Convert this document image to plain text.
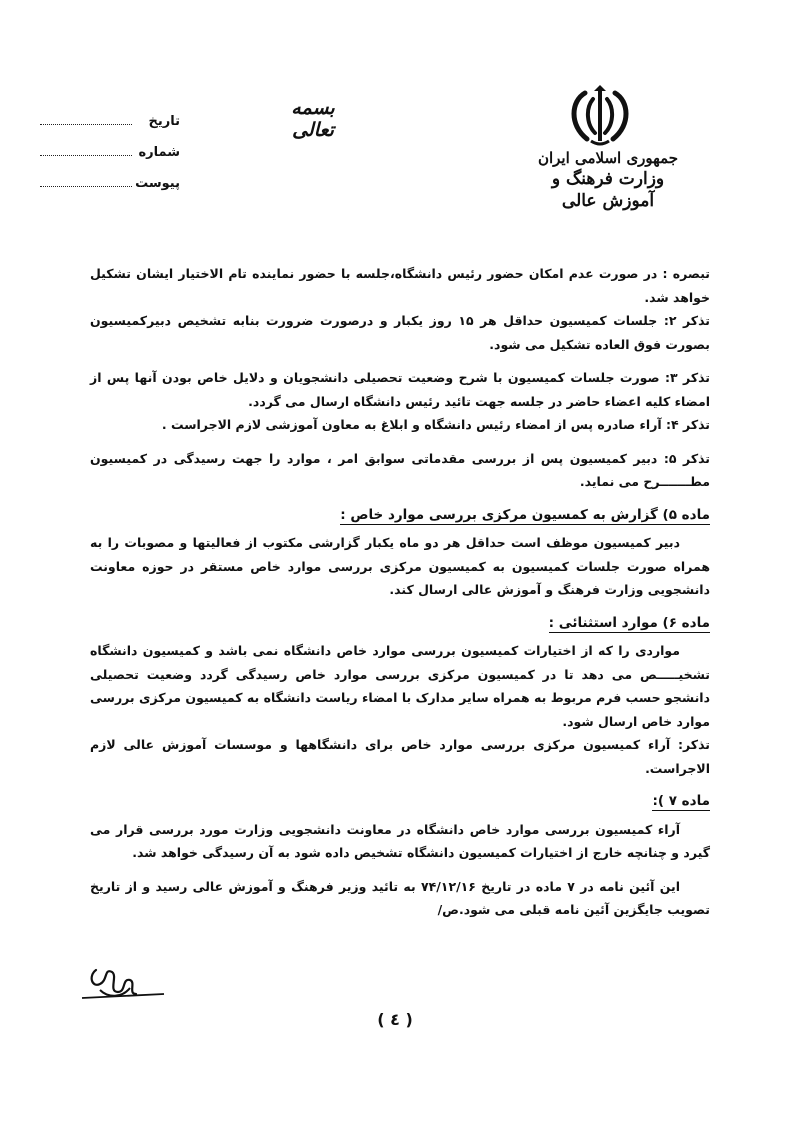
جمهوری اسلامی ایران
وزارت فرهنگ و آموزش عالی
بسمه تعالی
تاریخ
شماره
پیوست

تبصره : در صورت عدم امکان حضور رئیس دانشگاه،جلسه با حضور نماینده تام الاختیار ایشان تشکیل خواهد شد.

تذکر ۲: جلسات کمیسیون حداقل هر ۱۵ روز یکبار و درصورت ضرورت بنابه تشخیص دبیرکمیسیون بصورت فوق العاده تشکیل می شود.

تذکر ۳: صورت جلسات کمیسیون با شرح وضعیت تحصیلی دانشجویان و دلایل خاص بودن آنها پس از امضاء کلیه اعضاء حاضر در جلسه جهت تائید رئیس دانشگاه ارسال می گردد.

تذکر ۴: آراء صادره پس از امضاء رئیس دانشگاه و ابلاغ به معاون آموزشی لازم الاجراست .

تذکر ۵: دبیر کمیسیون پس از بررسی مقدماتی سوابق امر ، موارد را جهت رسیدگی در کمیسیون مطـــــــرح می نماید.

ماده ۵) گزارش به کمسیون مرکزی بررسی موارد خاص :

دبیر کمیسیون موظف است حداقل هر دو ماه یکبار گزارشی مکتوب از فعالیتها و مصوبات را به همراه صورت جلسات کمیسیون به کمیسیون مرکزی بررسی موارد خاص مستقر در حوزه معاونت دانشجویی وزارت فرهنگ و آموزش عالی ارسال کند.

ماده ۶) موارد استثنائی :

مواردی را که از اختیارات کمیسیون بررسی موارد خاص دانشگاه نمی باشد و کمیسیون دانشگاه تشخیـــــص می دهد تا در کمیسیون مرکزی بررسی موارد خاص رسیدگی گردد وضعیت تحصیلی دانشجو حسب فرم مربوط به همراه سایر مدارک با امضاء ریاست دانشگاه به کمیسیون مرکزی بررسی موارد خاص ارسال شود.

تذکر: آراء کمیسیون مرکزی بررسی موارد خاص برای دانشگاهها و موسسات آموزش عالی لازم الاجراست.

ماده ۷ ):

آراء کمیسیون بررسی موارد خاص دانشگاه در معاونت دانشجویی وزارت مورد بررسی قرار می گیرد و چنانچه خارج از اختیارات کمیسیون دانشگاه تشخیص داده شود به آن رسیدگی خواهد شد.

این آئین نامه در ۷ ماده در تاریخ ۷۴/۱۲/۱۶ به تائید وزیر فرهنگ و آموزش عالی رسید و از تاریخ تصویب جایگزین آئین نامه قبلی می شود.ص/

( ٤ )
